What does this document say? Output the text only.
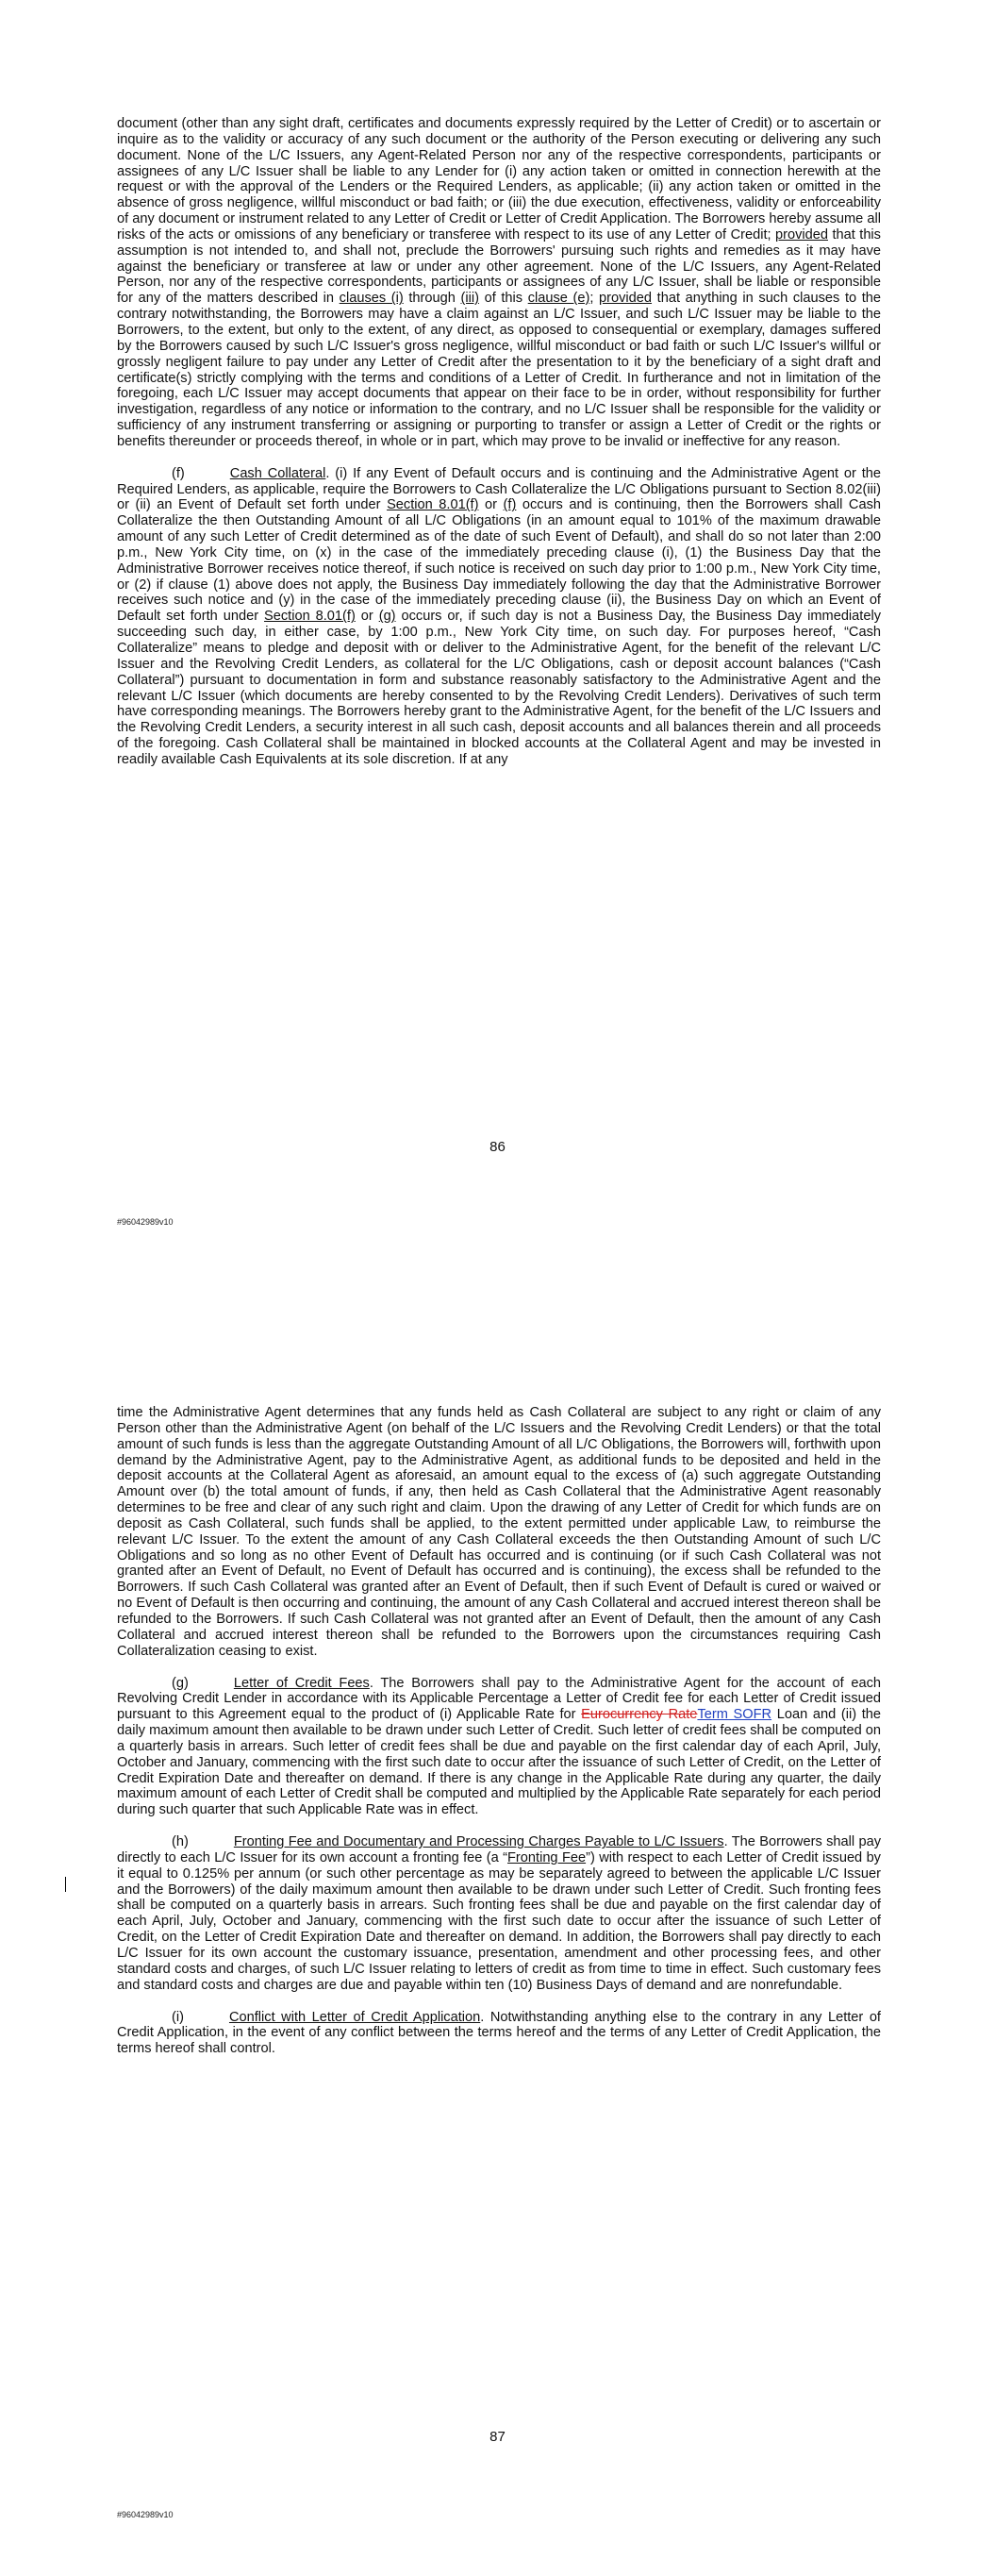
document (other than any sight draft, certificates and documents expressly required by the Letter of Credit) or to ascertain or inquire as to the validity or accuracy of any such document or the authority of the Person executing or delivering any such document. None of the L/C Issuers, any Agent-Related Person nor any of the respective correspondents, participants or assignees of any L/C Issuer shall be liable to any Lender for (i) any action taken or omitted in connection herewith at the request or with the approval of the Lenders or the Required Lenders, as applicable; (ii) any action taken or omitted in the absence of gross negligence, willful misconduct or bad faith; or (iii) the due execution, effectiveness, validity or enforceability of any document or instrument related to any Letter of Credit or Letter of Credit Application. The Borrowers hereby assume all risks of the acts or omissions of any beneficiary or transferee with respect to its use of any Letter of Credit; provided that this assumption is not intended to, and shall not, preclude the Borrowers' pursuing such rights and remedies as it may have against the beneficiary or transferee at law or under any other agreement. None of the L/C Issuers, any Agent-Related Person, nor any of the respective correspondents, participants or assignees of any L/C Issuer, shall be liable or responsible for any of the matters described in clauses (i) through (iii) of this clause (e); provided that anything in such clauses to the contrary notwithstanding, the Borrowers may have a claim against an L/C Issuer, and such L/C Issuer may be liable to the Borrowers, to the extent, but only to the extent, of any direct, as opposed to consequential or exemplary, damages suffered by the Borrowers caused by such L/C Issuer's gross negligence, willful misconduct or bad faith or such L/C Issuer's willful or grossly negligent failure to pay under any Letter of Credit after the presentation to it by the beneficiary of a sight draft and certificate(s) strictly complying with the terms and conditions of a Letter of Credit. In furtherance and not in limitation of the foregoing, each L/C Issuer may accept documents that appear on their face to be in order, without responsibility for further investigation, regardless of any notice or information to the contrary, and no L/C Issuer shall be responsible for the validity or sufficiency of any instrument transferring or assigning or purporting to transfer or assign a Letter of Credit or the rights or benefits thereunder or proceeds thereof, in whole or in part, which may prove to be invalid or ineffective for any reason.

(f)	Cash Collateral. (i) If any Event of Default occurs and is continuing and the Administrative Agent or the Required Lenders, as applicable, require the Borrowers to Cash Collateralize the L/C Obligations pursuant to Section 8.02(iii) or (ii) an Event of Default set forth under Section 8.01(f) or (f) occurs and is continuing, then the Borrowers shall Cash Collateralize the then Outstanding Amount of all L/C Obligations (in an amount equal to 101% of the maximum drawable amount of any such Letter of Credit determined as of the date of such Event of Default), and shall do so not later than 2:00 p.m., New York City time, on (x) in the case of the immediately preceding clause (i), (1) the Business Day that the Administrative Borrower receives notice thereof, if such notice is received on such day prior to 1:00 p.m., New York City time, or (2) if clause (1) above does not apply, the Business Day immediately following the day that the Administrative Borrower receives such notice and (y) in the case of the immediately preceding clause (ii), the Business Day on which an Event of Default set forth under Section 8.01(f) or (g) occurs or, if such day is not a Business Day, the Business Day immediately succeeding such day, in either case, by 1:00 p.m., New York City time, on such day. For purposes hereof, “Cash Collateralize” means to pledge and deposit with or deliver to the Administrative Agent, for the benefit of the relevant L/C Issuer and the Revolving Credit Lenders, as collateral for the L/C Obligations, cash or deposit account balances (“Cash Collateral”) pursuant to documentation in form and substance reasonably satisfactory to the Administrative Agent and the relevant L/C Issuer (which documents are hereby consented to by the Revolving Credit Lenders). Derivatives of such term have corresponding meanings. The Borrowers hereby grant to the Administrative Agent, for the benefit of the L/C Issuers and the Revolving Credit Lenders, a security interest in all such cash, deposit accounts and all balances therein and all proceeds of the foregoing. Cash Collateral shall be maintained in blocked accounts at the Collateral Agent and may be invested in readily available Cash Equivalents at its sole discretion. If at any

86
#96042989v10

time the Administrative Agent determines that any funds held as Cash Collateral are subject to any right or claim of any Person other than the Administrative Agent (on behalf of the L/C Issuers and the Revolving Credit Lenders) or that the total amount of such funds is less than the aggregate Outstanding Amount of all L/C Obligations, the Borrowers will, forthwith upon demand by the Administrative Agent, pay to the Administrative Agent, as additional funds to be deposited and held in the deposit accounts at the Collateral Agent as aforesaid, an amount equal to the excess of (a) such aggregate Outstanding Amount over (b) the total amount of funds, if any, then held as Cash Collateral that the Administrative Agent reasonably determines to be free and clear of any such right and claim. Upon the drawing of any Letter of Credit for which funds are on deposit as Cash Collateral, such funds shall be applied, to the extent permitted under applicable Law, to reimburse the relevant L/C Issuer. To the extent the amount of any Cash Collateral exceeds the then Outstanding Amount of such L/C Obligations and so long as no other Event of Default has occurred and is continuing (or if such Cash Collateral was not granted after an Event of Default, no Event of Default has occurred and is continuing), the excess shall be refunded to the Borrowers. If such Cash Collateral was granted after an Event of Default, then if such Event of Default is cured or waived or no Event of Default is then occurring and continuing, the amount of any Cash Collateral and accrued interest thereon shall be refunded to the Borrowers. If such Cash Collateral was not granted after an Event of Default, then the amount of any Cash Collateral and accrued interest thereon shall be refunded to the Borrowers upon the circumstances requiring Cash Collateralization ceasing to exist.

(g)	Letter of Credit Fees. The Borrowers shall pay to the Administrative Agent for the account of each Revolving Credit Lender in accordance with its Applicable Percentage a Letter of Credit fee for each Letter of Credit issued pursuant to this Agreement equal to the product of (i) Applicable Rate for Eurocurrency RateTerm SOFR Loan and (ii) the daily maximum amount then available to be drawn under such Letter of Credit. Such letter of credit fees shall be computed on a quarterly basis in arrears. Such letter of credit fees shall be due and payable on the first calendar day of each April, July, October and January, commencing with the first such date to occur after the issuance of such Letter of Credit, on the Letter of Credit Expiration Date and thereafter on demand. If there is any change in the Applicable Rate during any quarter, the daily maximum amount of each Letter of Credit shall be computed and multiplied by the Applicable Rate separately for each period during such quarter that such Applicable Rate was in effect.

(h)	Fronting Fee and Documentary and Processing Charges Payable to L/C Issuers. The Borrowers shall pay directly to each L/C Issuer for its own account a fronting fee (a “Fronting Fee”) with respect to each Letter of Credit issued by it equal to 0.125% per annum (or such other percentage as may be separately agreed to between the applicable L/C Issuer and the Borrowers) of the daily maximum amount then available to be drawn under such Letter of Credit. Such fronting fees shall be computed on a quarterly basis in arrears. Such fronting fees shall be due and payable on the first calendar day of each April, July, October and January, commencing with the first such date to occur after the issuance of such Letter of Credit, on the Letter of Credit Expiration Date and thereafter on demand. In addition, the Borrowers shall pay directly to each L/C Issuer for its own account the customary issuance, presentation, amendment and other processing fees, and other standard costs and charges, of such L/C Issuer relating to letters of credit as from time to time in effect. Such customary fees and standard costs and charges are due and payable within ten (10) Business Days of demand and are nonrefundable.

(i)	Conflict with Letter of Credit Application. Notwithstanding anything else to the contrary in any Letter of Credit Application, in the event of any conflict between the terms hereof and the terms of any Letter of Credit Application, the terms hereof shall control.

87
#96042989v10
